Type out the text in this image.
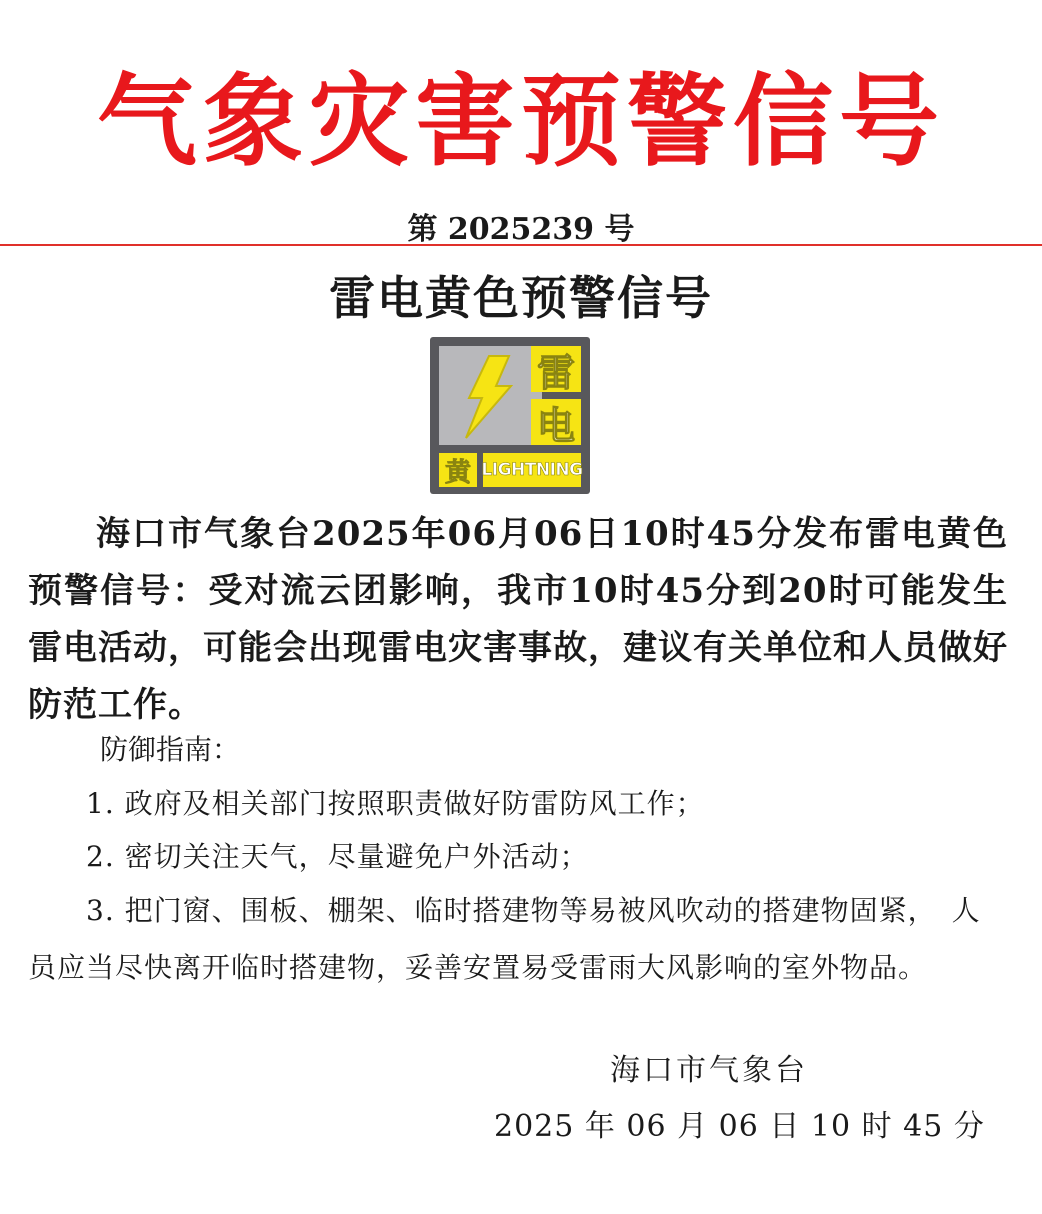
气象灾害预警信号
第 2025239 号
雷电黄色预警信号
雷
电
黄 LIGHTNING
海口市气象台2025年06月06日10时45分发布雷电黄色预警信号：受对流云团影响，我市10时45分到20时可能发生雷电活动，可能会出现雷电灾害事故，建议有关单位和人员做好防范工作。
防御指南：
1. 政府及相关部门按照职责做好防雷防风工作；
2. 密切关注天气，尽量避免户外活动；
3. 把门窗、围板、棚架、临时搭建物等易被风吹动的搭建物固紧，　人员应当尽快离开临时搭建物，妥善安置易受雷雨大风影响的室外物品。
海口市气象台
2025 年 06 月 06 日 10 时 45 分
